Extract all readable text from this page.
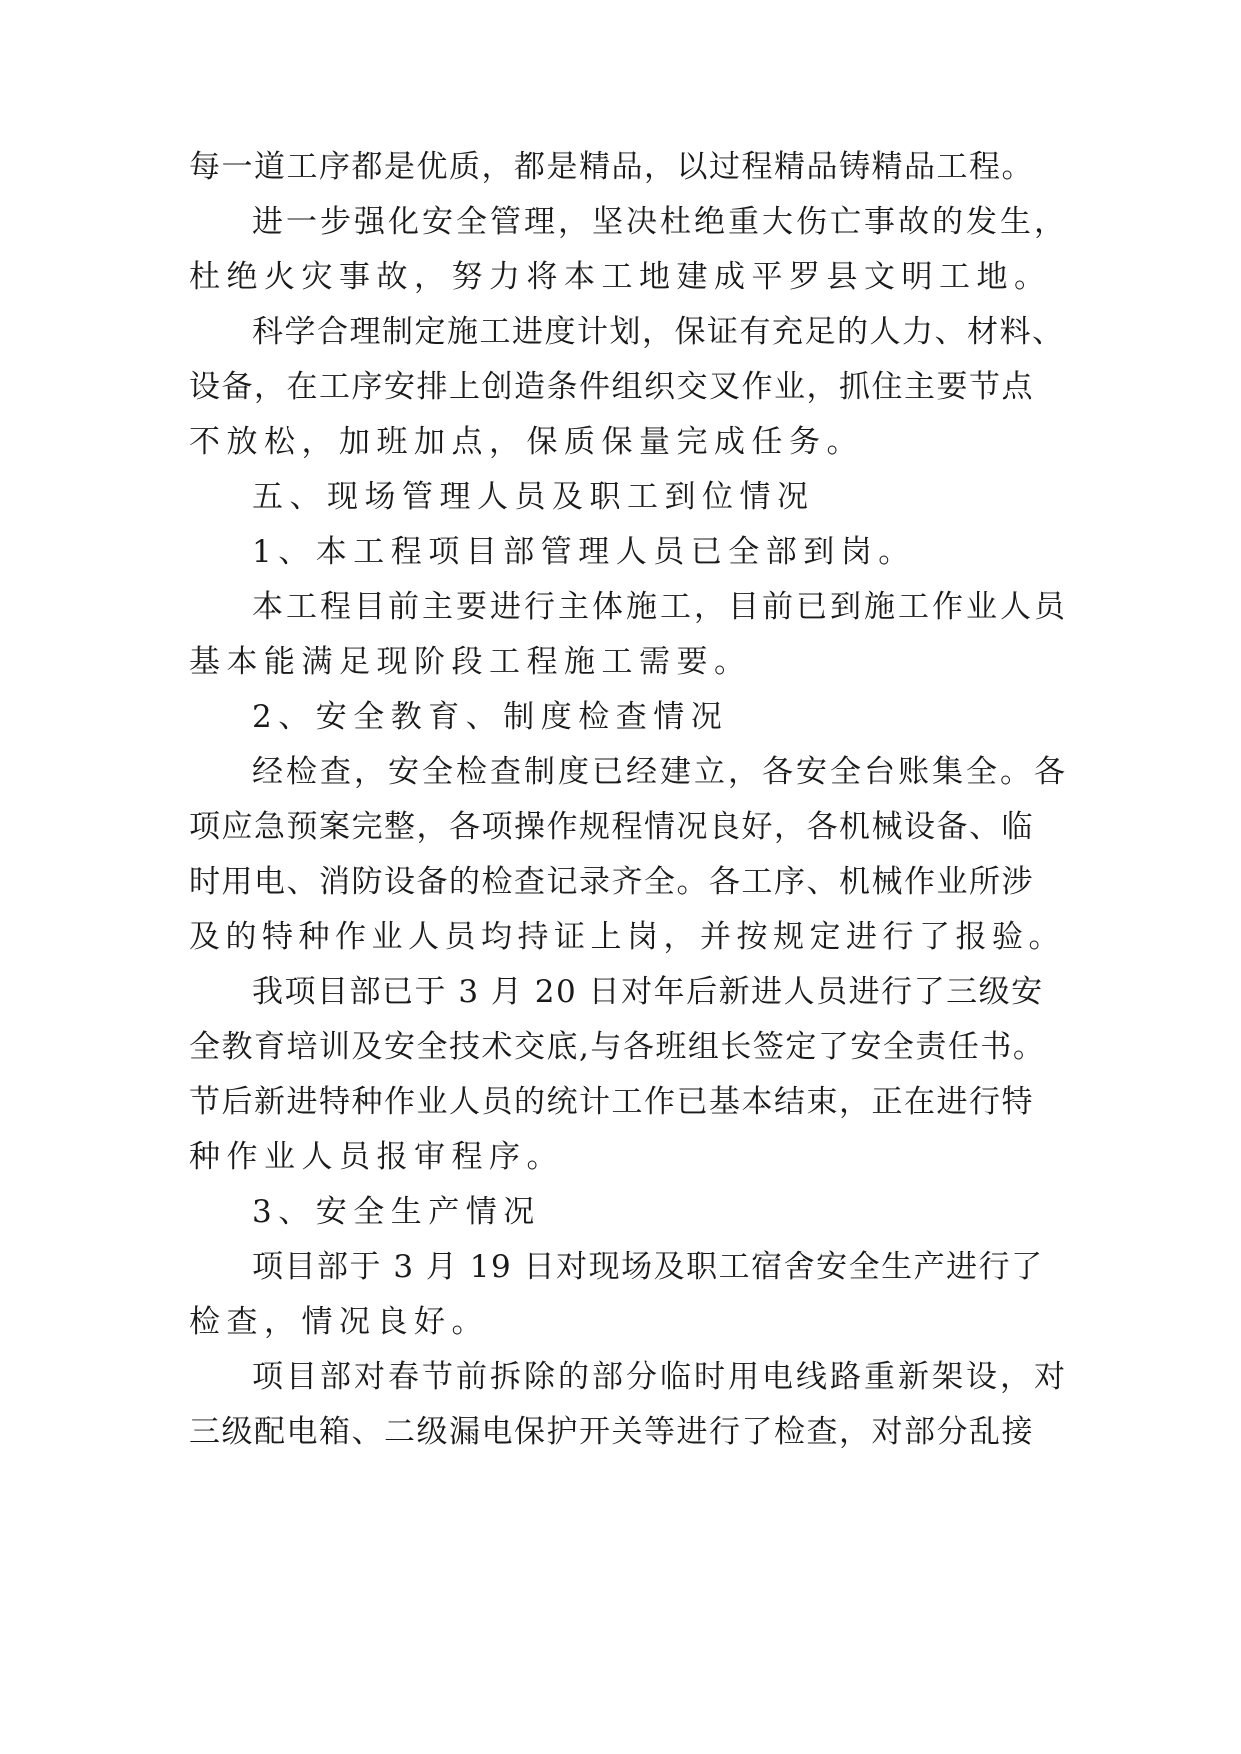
每一道工序都是优质，都是精品，以过程精品铸精品工程。
进一步强化安全管理，坚决杜绝重大伤亡事故的发生，
杜绝火灾事故，努力将本工地建成平罗县文明工地。
科学合理制定施工进度计划，保证有充足的人力、材料、
设备，在工序安排上创造条件组织交叉作业，抓住主要节点
不放松，加班加点，保质保量完成任务。
五、现场管理人员及职工到位情况
1、本工程项目部管理人员已全部到岗。
本工程目前主要进行主体施工，目前已到施工作业人员
基本能满足现阶段工程施工需要。
2、安全教育、制度检查情况
经检查，安全检查制度已经建立，各安全台账集全。各
项应急预案完整，各项操作规程情况良好，各机械设备、临
时用电、消防设备的检查记录齐全。各工序、机械作业所涉
及的特种作业人员均持证上岗，并按规定进行了报验。
我项目部已于 3 月 20 日对年后新进人员进行了三级安
全教育培训及安全技术交底,与各班组长签定了安全责任书。
节后新进特种作业人员的统计工作已基本结束，正在进行特
种作业人员报审程序。
3、安全生产情况
项目部于 3 月 19 日对现场及职工宿舍安全生产进行了
检查，情况良好。
项目部对春节前拆除的部分临时用电线路重新架设，对
三级配电箱、二级漏电保护开关等进行了检查，对部分乱接
